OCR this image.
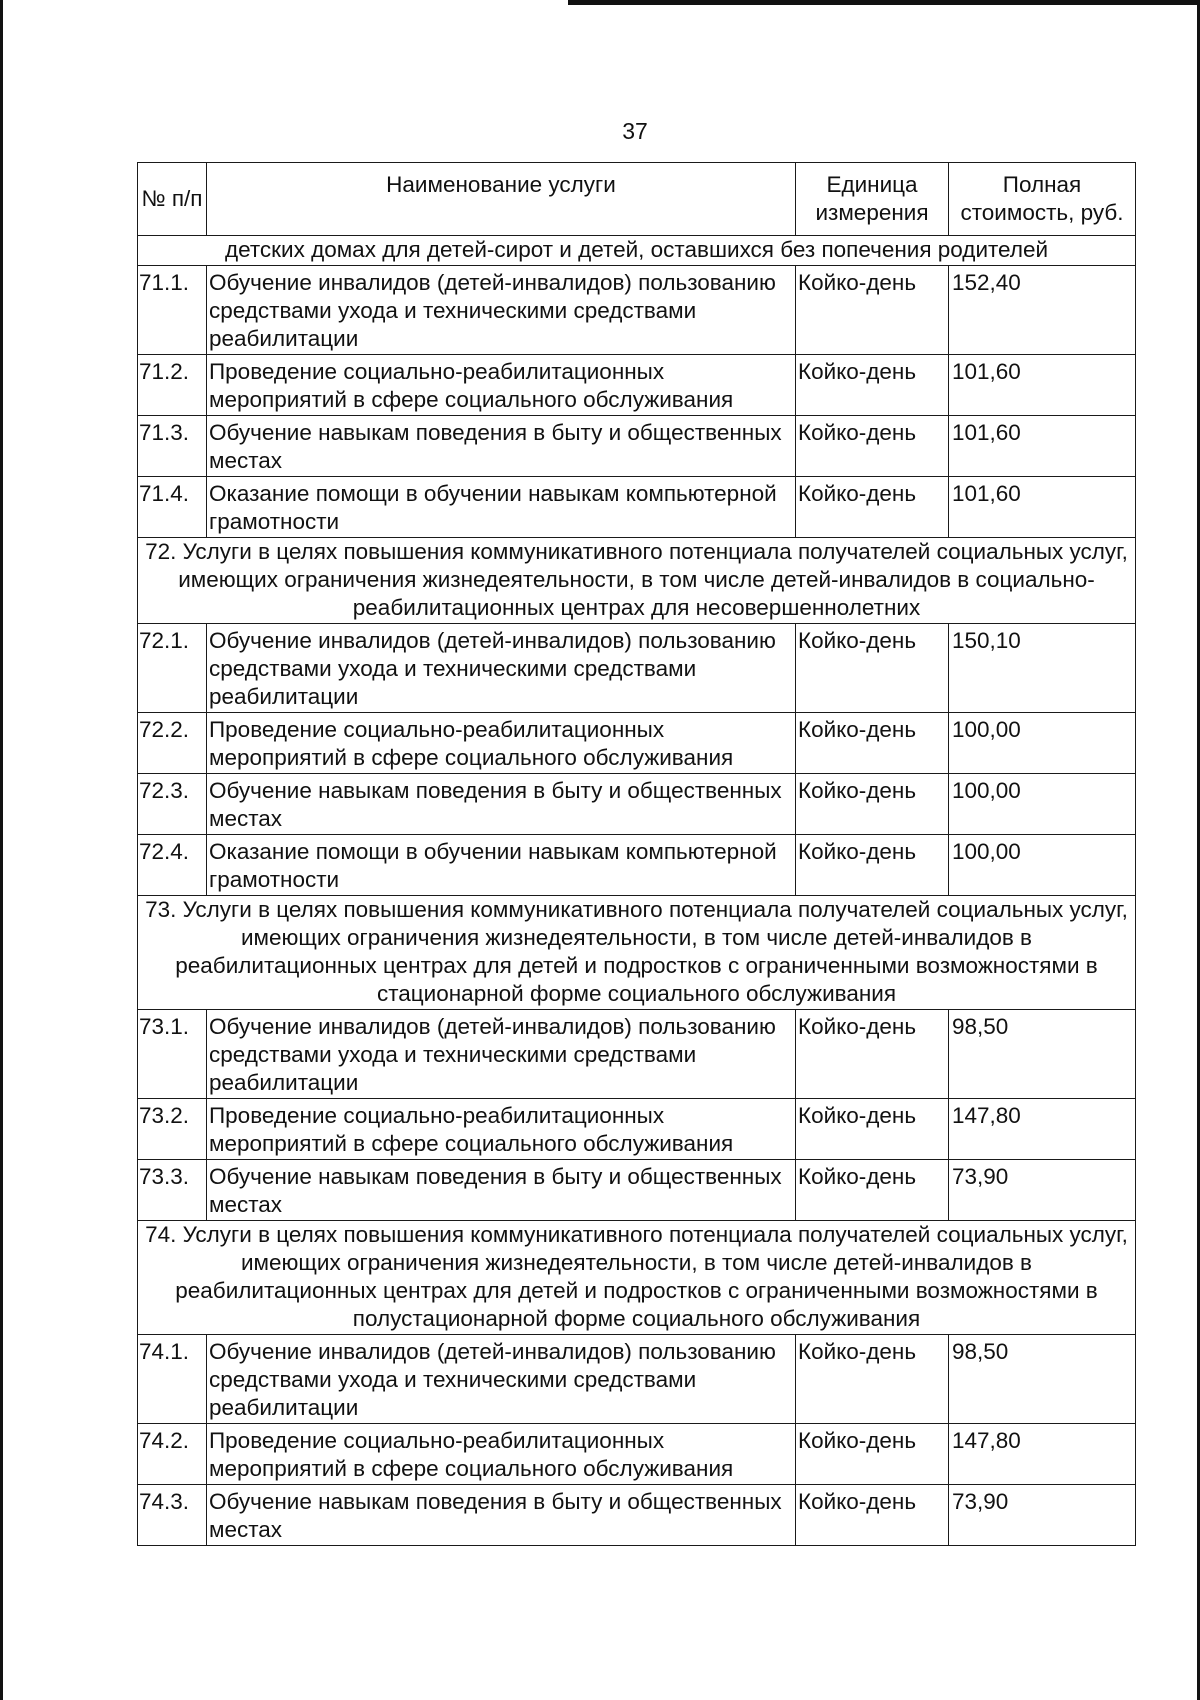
37
№ п/п	Наименование услуги	Единица измерения	Полная стоимость, руб.
детских домах для детей-сирот и детей, оставшихся без попечения родителей			
71.1.	Обучение инвалидов (детей-инвалидов) пользованию средствами ухода и техническими средствами реабилитации	Койко-день	152,40
71.2.	Проведение социально-реабилитационных мероприятий в сфере социального обслуживания	Койко-день	101,60
71.3.	Обучение навыкам поведения в быту и общественных местах	Койко-день	101,60
71.4.	Оказание помощи в обучении навыкам компьютерной грамотности	Койко-день	101,60
72. Услуги в целях повышения коммуникативного потенциала получателей социальных услуг, имеющих ограничения жизнедеятельности, в том числе детей-инвалидов в социально-реабилитационных центрах для несовершеннолетних			
72.1.	Обучение инвалидов (детей-инвалидов) пользованию средствами ухода и техническими средствами реабилитации	Койко-день	150,10
72.2.	Проведение социально-реабилитационных мероприятий в сфере социального обслуживания	Койко-день	100,00
72.3.	Обучение навыкам поведения в быту и общественных местах	Койко-день	100,00
72.4.	Оказание помощи в обучении навыкам компьютерной грамотности	Койко-день	100,00
73. Услуги в целях повышения коммуникативного потенциала получателей социальных услуг, имеющих ограничения жизнедеятельности, в том числе детей-инвалидов в реабилитационных центрах для детей и подростков с ограниченными возможностями в стационарной форме социального обслуживания			
73.1.	Обучение инвалидов (детей-инвалидов) пользованию средствами ухода и техническими средствами реабилитации	Койко-день	98,50
73.2.	Проведение социально-реабилитационных мероприятий в сфере социального обслуживания	Койко-день	147,80
73.3.	Обучение навыкам поведения в быту и общественных местах	Койко-день	73,90
74. Услуги в целях повышения коммуникативного потенциала получателей социальных услуг, имеющих ограничения жизнедеятельности, в том числе детей-инвалидов в реабилитационных центрах для детей и подростков с ограниченными возможностями в полустационарной форме социального обслуживания			
74.1.	Обучение инвалидов (детей-инвалидов) пользованию средствами ухода и техническими средствами реабилитации	Койко-день	98,50
74.2.	Проведение социально-реабилитационных мероприятий в сфере социального обслуживания	Койко-день	147,80
74.3.	Обучение навыкам поведения в быту и общественных местах	Койко-день	73,90
